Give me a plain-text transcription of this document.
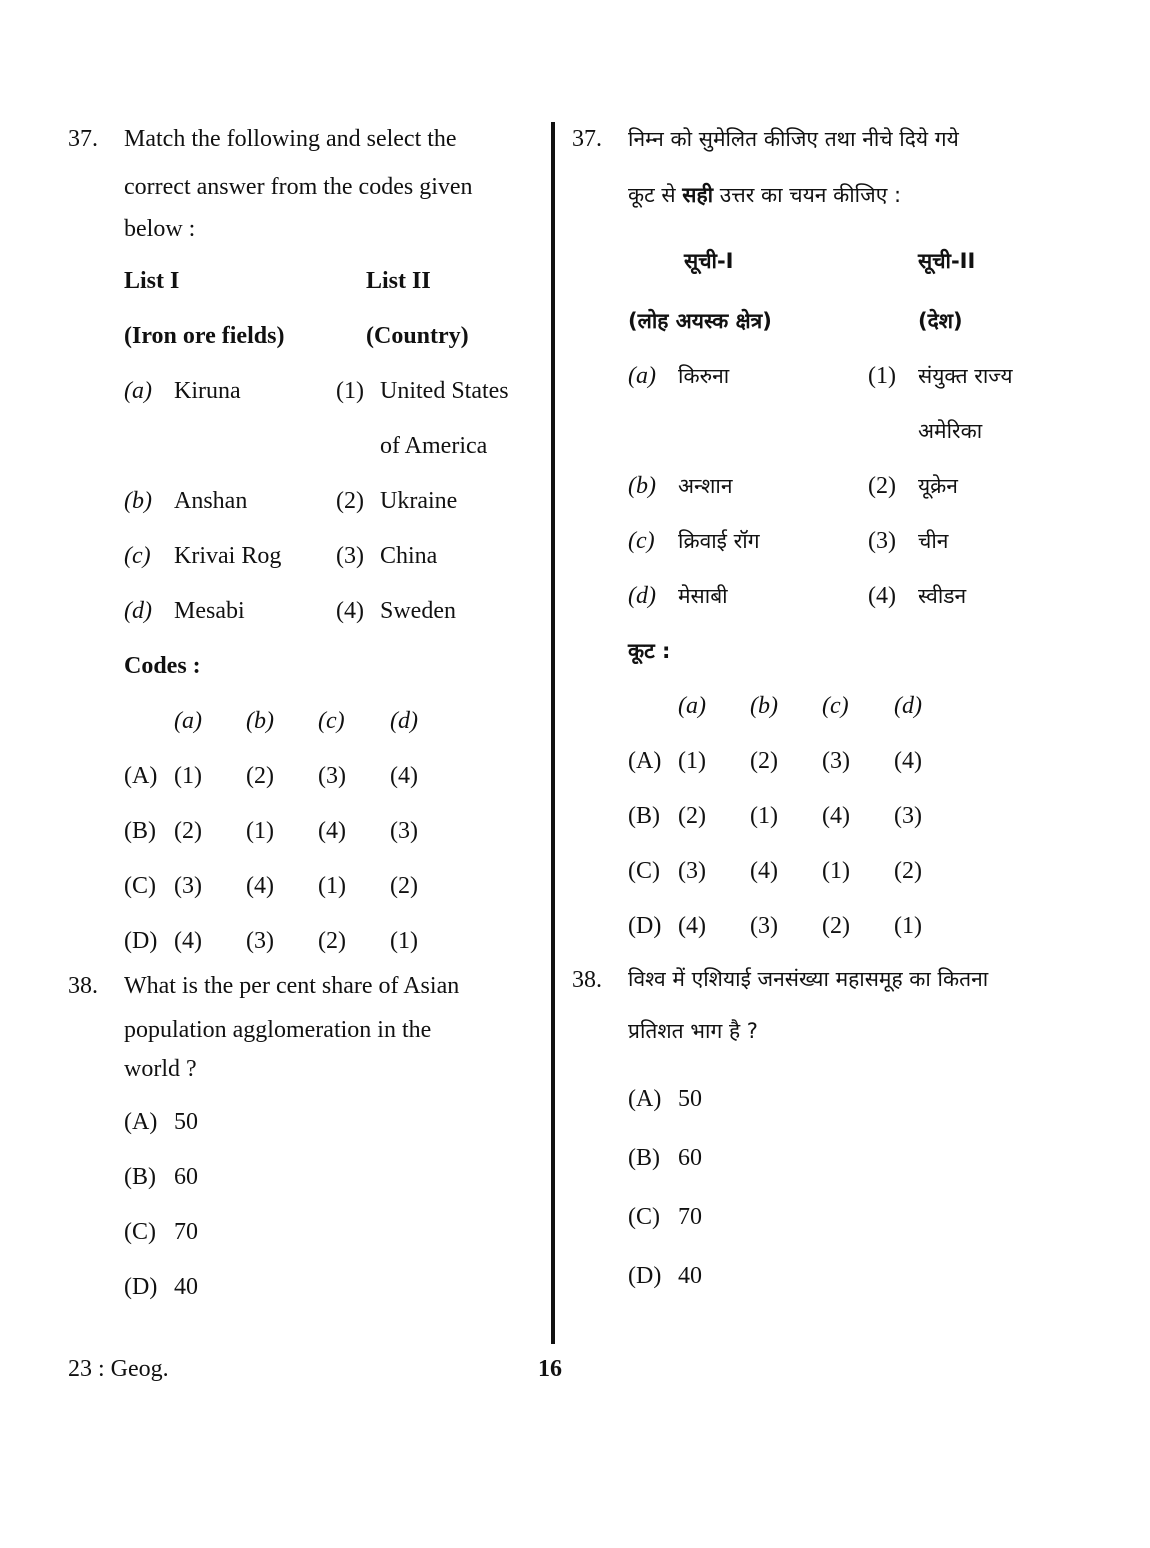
37. Match the following and select the
correct answer from the codes given
below :
List I	List II
(Iron ore fields)	(Country)
(a) Kiruna	(1) United States
of America
(b) Anshan	(2) Ukraine
(c) Krivai Rog	(3) China
(d) Mesabi	(4) Sweden
Codes :
(a)	(b)	(c)	(d)
(A) (1)	(2)	(3)	(4)
(B) (2)	(1)	(4)	(3)
(C) (3)	(4)	(1)	(2)
(D) (4)	(3)	(2)	(1)
38. What is the per cent share of Asian
population agglomeration in the
world ?
(A) 50
(B) 60
(C) 70
(D) 40
37. निम्न को सुमेलित कीजिए तथा नीचे दिये गये
कूट से सही उत्तर का चयन कीजिए :
सूची-I	सूची-II
(लोह अयस्क क्षेत्र)	(देश)
(a)	किरुना	(1)	संयुक्त राज्य
अमेरिका
(b)	अन्शान	(2)	यूक्रेन
(c)	क्रिवाई रॉग	(3)	चीन
(d)	मेसाबी	(4)	स्वीडन
कूट :
(a)	(b)	(c)	(d)
(A) (1)	(2)	(3)	(4)
(B) (2)	(1)	(4)	(3)
(C) (3)	(4)	(1)	(2)
(D) (4)	(3)	(2)	(1)
38. विश्व में एशियाई जनसंख्या महासमूह का कितना
प्रतिशत भाग है ?
(A) 50
(B) 60
(C) 70
(D) 40
23 : Geog.	16
